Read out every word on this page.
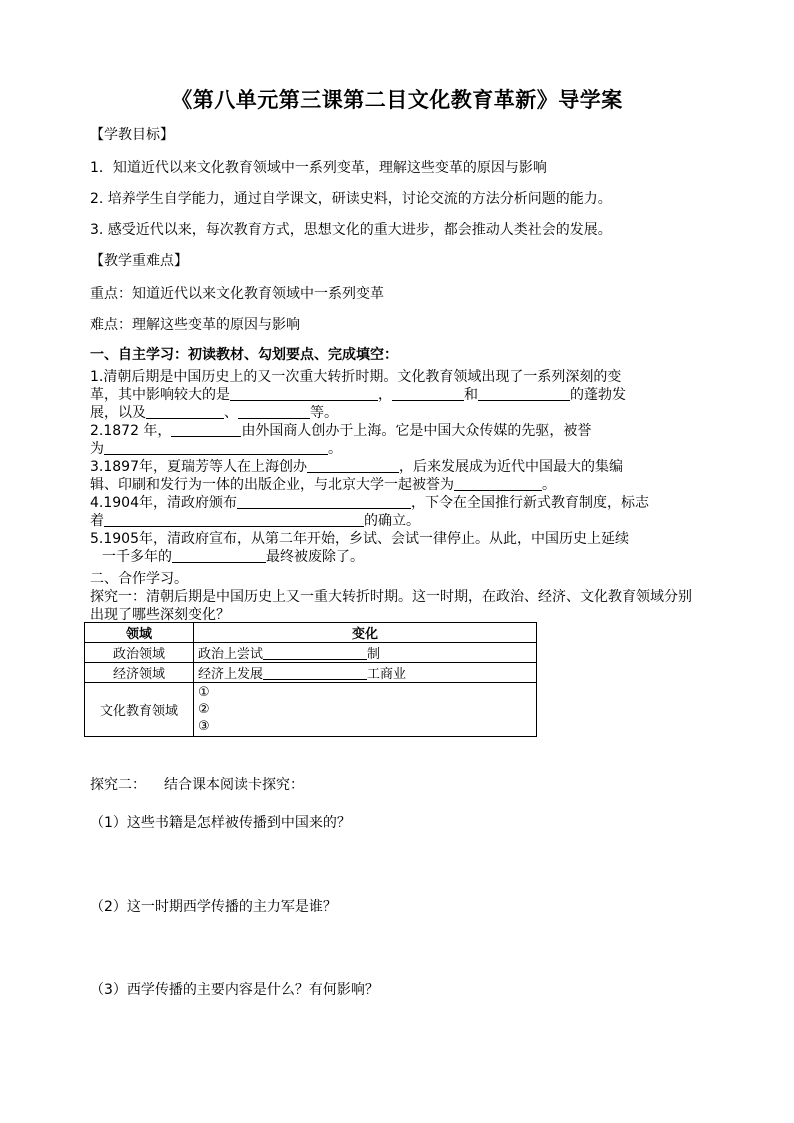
《第八单元第三课第二目文化教育革新》导学案
【学教目标】
1．知道近代以来文化教育领域中一系列变革，理解这些变革的原因与影响
2. 培养学生自学能力，通过自学课文，研读史料，讨论交流的方法分析问题的能力。
3. 感受近代以来，每次教育方式，思想文化的重大进步，都会推动人类社会的发展。
【教学重难点】
重点：知道近代以来文化教育领域中一系列变革
难点：理解这些变革的原因与影响
一、自主学习：初读教材、勾划要点、完成填空：
1.清朝后期是中国历史上的又一次重大转折时期。文化教育领域出现了一系列深刻的变
革，其中影响较大的是	，	和	的蓬勃发
展，以及	、	等。
2.1872 年，	由外国商人创办于上海。它是中国大众传媒的先驱，被誉
为	。
3.1897年，夏瑞芳等人在上海创办	，后来发展成为近代中国最大的集编
辑、印刷和发行为一体的出版企业，与北京大学一起被誉为	。
4.1904年，清政府颁布	，下令在全国推行新式教育制度，标志
着	的确立。
5.1905年，清政府宣布，从第二年开始，乡试、会试一律停止。从此，中国历史上延续
一千多年的	最终被废除了。
二、合作学习。
探究一：清朝后期是中国历史上又一重大转折时期。这一时期，在政治、经济、文化教育领域分别
出现了哪些深刻变化？
领域	变化
政治领域	政治上尝试 制
经济领域	经济上发展 工商业
文化教育领域	①
②
③
探究二： 结合课本阅读卡探究：
（1）这些书籍是怎样被传播到中国来的？
（2）这一时期西学传播的主力军是谁？
（3）西学传播的主要内容是什么？有何影响？
